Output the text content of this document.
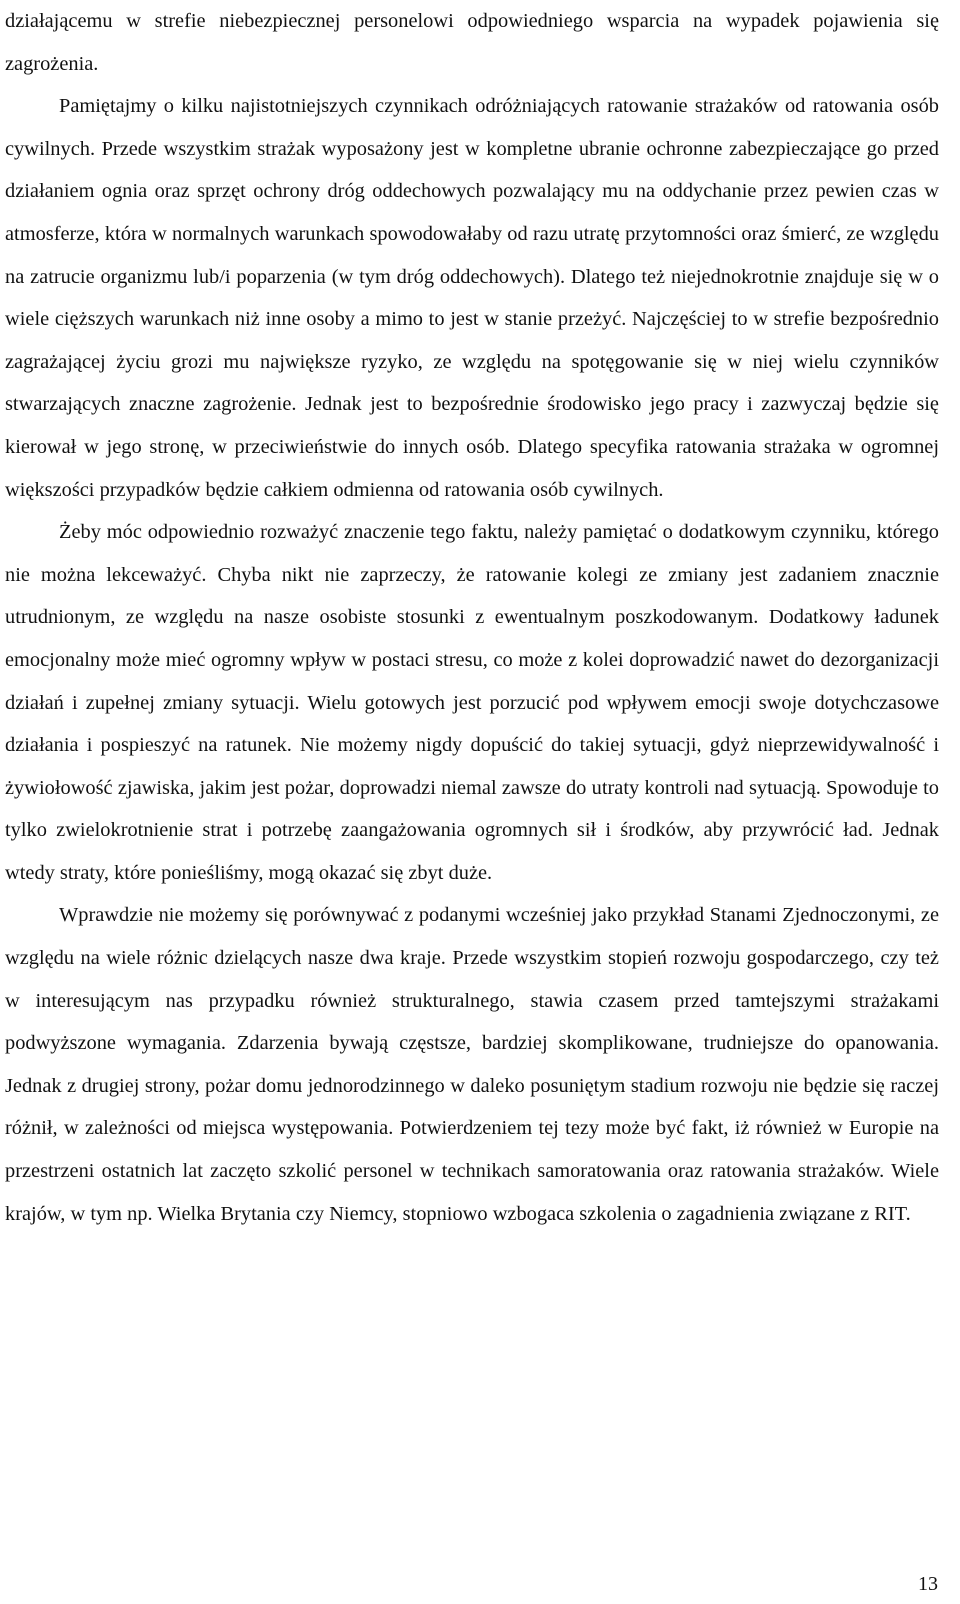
działającemu w strefie niebezpiecznej personelowi odpowiedniego wsparcia na wypadek pojawienia się zagrożenia.

Pamiętajmy o kilku najistotniejszych czynnikach odróżniających ratowanie strażaków od ratowania osób cywilnych. Przede wszystkim strażak wyposażony jest w kompletne ubranie ochronne zabezpieczające go przed działaniem ognia oraz sprzęt ochrony dróg oddechowych pozwalający mu na oddychanie przez pewien czas w atmosferze, która w normalnych warunkach spowodowałaby od razu utratę przytomności oraz śmierć, ze względu na zatrucie organizmu lub/i poparzenia (w tym dróg oddechowych). Dlatego też niejednokrotnie znajduje się w o wiele cięższych warunkach niż inne osoby a mimo to jest w stanie przeżyć. Najczęściej to w strefie bezpośrednio zagrażającej życiu grozi mu największe ryzyko, ze względu na spotęgowanie się w niej wielu czynników stwarzających znaczne zagrożenie. Jednak jest to bezpośrednie środowisko jego pracy i zazwyczaj będzie się kierował w jego stronę, w przeciwieństwie do innych osób. Dlatego specyfika ratowania strażaka w ogromnej większości przypadków będzie całkiem odmienna od ratowania osób cywilnych.

Żeby móc odpowiednio rozważyć znaczenie tego faktu, należy pamiętać o dodatkowym czynniku, którego nie można lekceważyć. Chyba nikt nie zaprzeczy, że ratowanie kolegi ze zmiany jest zadaniem znacznie utrudnionym, ze względu na nasze osobiste stosunki z ewentualnym poszkodowanym. Dodatkowy ładunek emocjonalny może mieć ogromny wpływ w postaci stresu, co może z kolei doprowadzić nawet do dezorganizacji działań i zupełnej zmiany sytuacji. Wielu gotowych jest porzucić pod wpływem emocji swoje dotychczasowe działania i pospieszyć na ratunek. Nie możemy nigdy dopuścić do takiej sytuacji, gdyż nieprzewidywalność i żywiołowość zjawiska, jakim jest pożar, doprowadzi niemal zawsze do utraty kontroli nad sytuacją. Spowoduje to tylko zwielokrotnienie strat i potrzebę zaangażowania ogromnych sił i środków, aby przywrócić ład. Jednak wtedy straty, które ponieśliśmy, mogą okazać się zbyt duże.

Wprawdzie nie możemy się porównywać z podanymi wcześniej jako przykład Stanami Zjednoczonymi, ze względu na wiele różnic dzielących nasze dwa kraje. Przede wszystkim stopień rozwoju gospodarczego, czy też w interesującym nas przypadku również strukturalnego, stawia czasem przed tamtejszymi strażakami podwyższone wymagania. Zdarzenia bywają częstsze, bardziej skomplikowane, trudniejsze do opanowania. Jednak z drugiej strony, pożar domu jednorodzinnego w daleko posuniętym stadium rozwoju nie będzie się raczej różnił, w zależności od miejsca występowania. Potwierdzeniem tej tezy może być fakt, iż również w Europie na przestrzeni ostatnich lat zaczęto szkolić personel w technikach samoratowania oraz ratowania strażaków. Wiele krajów, w tym np. Wielka Brytania czy Niemcy, stopniowo wzbogaca szkolenia o zagadnienia związane z RIT.

13
